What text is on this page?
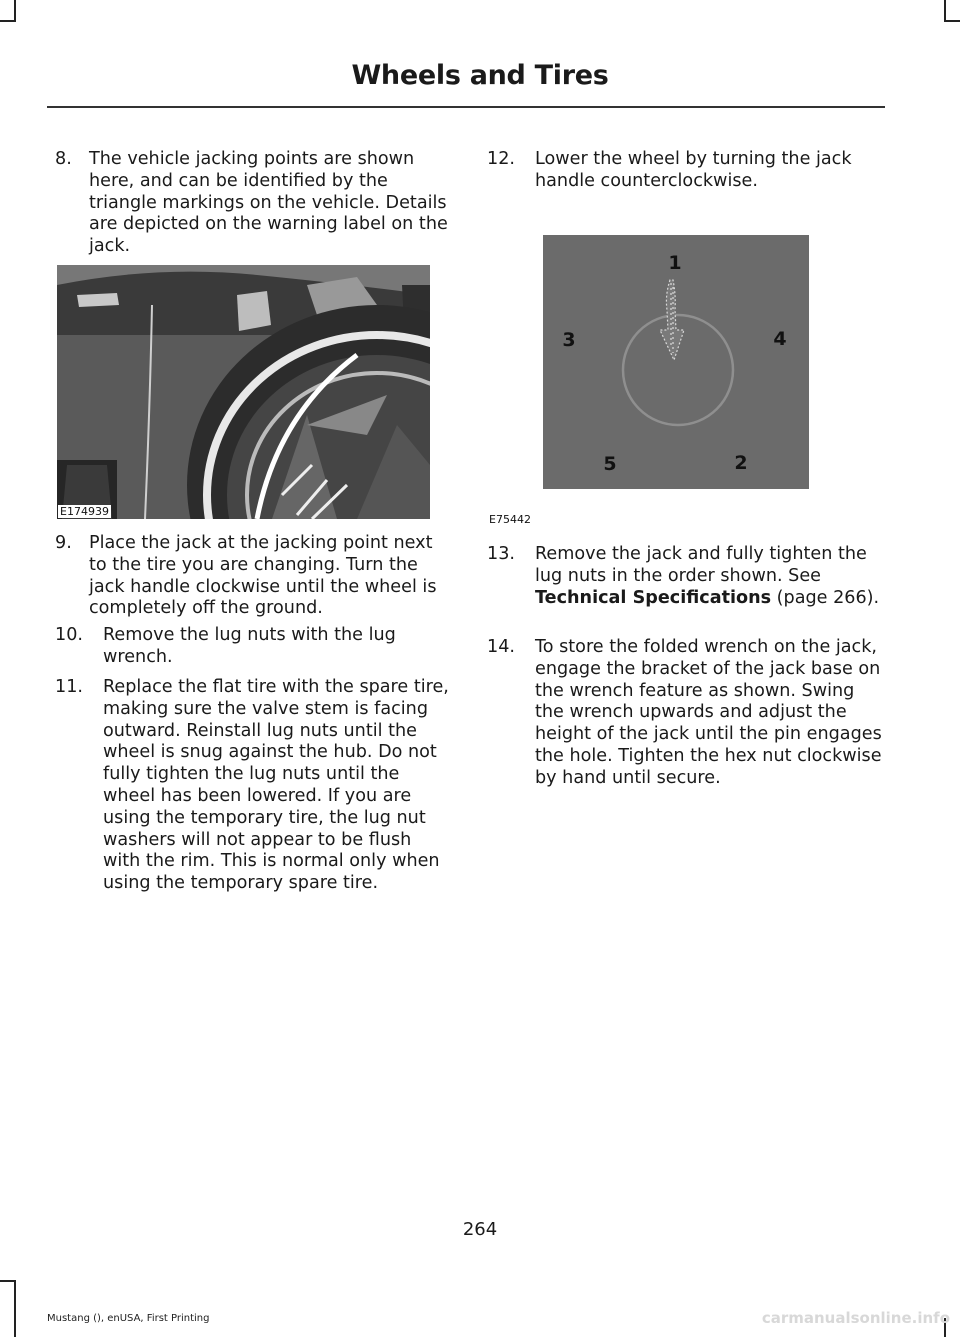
Wheels and Tires
8. The vehicle jacking points are shown here, and can be identified by the triangle markings on the vehicle. Details are depicted on the warning label on the jack.
E174939
9. Place the jack at the jacking point next to the tire you are changing. Turn the jack handle clockwise until the wheel is completely off the ground.
10. Remove the lug nuts with the lug wrench.
11. Replace the flat tire with the spare tire, making sure the valve stem is facing outward. Reinstall lug nuts until the wheel is snug against the hub. Do not fully tighten the lug nuts until the wheel has been lowered. If you are using the temporary tire, the lug nut washers will not appear to be flush with the rim. This is normal only when using the temporary spare tire.
12. Lower the wheel by turning the jack handle counterclockwise.
1
2
3	4
5
E75442
13. Remove the jack and fully tighten the lug nuts in the order shown. See Technical Specifications (page 266).
14. To store the folded wrench on the jack, engage the bracket of the jack base on the wrench feature as shown. Swing the wrench upwards and adjust the height of the jack until the pin engages the hole. Tighten the hex nut clockwise by hand until secure.
264
Mustang (), enUSA, First Printing	carmanualsonline.info
